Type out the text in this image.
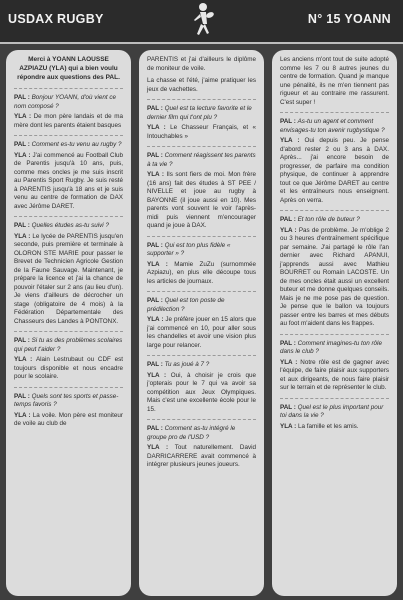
USDAX RUGBY	N° 15 YOANN

Merci à YOANN LAOUSSE AZPIAZU (YLA) qui a bien voulu répondre aux questions des PAL.

PAL : Bonjour YOANN, d'où vient ce nom composé ?

YLA : De mon père landais et de ma mère dont les parents étaient basques

PAL : Comment es-tu venu au rugby ?

YLA : J'ai commencé au Football Club de Parentis jusqu'à 10 ans, puis, comme mes oncles je me suis inscrit au Parentis Sport Rugby. Je suis resté à PARENTIS jusqu'à 18 ans et je suis venu au centre de formation de DAX avec Jérôme DARET.

PAL : Quelles études as-tu suivi ?

YLA : Le lycée de PARENTIS jusqu'en seconde, puis première et terminale à OLORON STE MARIE pour passer le Brevet de Technicien Agricole Gestion de la Faune Sauvage. Maintenant, je prépare la licence et j'ai la chance de pouvoir l'étaler sur 2 ans (au lieu d'un). Je viens d'ailleurs de décrocher un stage (obligatoire de 4 mois) à la Fédération Départementale des Chasseurs des Landes à PONTONX.

PAL : Si tu as des problèmes scolaires qui peut t'aider ?

YLA : Alain Lestrubaut ou CDF est toujours disponible et nous encadre pour le scolaire.

PAL : Quels sont tes sports et passe-temps favoris ?

YLA : La voile. Mon père est moniteur de voile au club de

PARENTIS et j'ai d'ailleurs le diplôme de moniteur de voile.

La chasse et l'été, j'aime pratiquer les jeux de vachettes.

PAL : Quel est ta lecture favorite et le dernier film qui t'ont plu ?

YLA : Le Chasseur Français, et « Intouchables »

PAL : Comment réagissent tes parents à ta vie ?

YLA : Ils sont fiers de moi. Mon frère (16 ans) fait des études à ST PEE / NIVELLE et joue au rugby à BAYONNE (il joue aussi en 10). Mes parents vont souvent le voir l'après-midi puis viennent m'encourager quand je joue à DAX.

PAL : Qui est ton plus fidèle « supporter » ?

YLA : Mamie ZuZu (surnommée Azpiazu), en plus elle découpe tous les articles de journaux.

PAL : Quel est ton poste de prédilection ?

YLA : Je préfère jouer en 15 alors que j'ai commencé en 10, pour aller sous les chandelles et avoir une vision plus large pour relancer.

PAL : Tu as joué à 7 ?

YLA : Oui, à choisir je crois que j'opterais pour le 7 qui va avoir sa compétition aux Jeux Olympiques. Mais c'est une excellente école pour le 15.

PAL : Comment as-tu intégré le groupe pro de l'USD ?

YLA : Tout naturellement. David DARRICARRERE avait commencé à intégrer plusieurs jeunes joueurs.

Les anciens m'ont tout de suite adopté comme les 7 ou 8 autres jeunes du centre de formation. Quand je manque une pénalité, ils ne m'en tiennent pas rigueur et au contraire me rassurent. C'est super !

PAL : As-tu un agent et comment envisages-tu ton avenir rugbystique ?

YLA : Oui depuis peu. Je pense d'abord rester 2 ou 3 ans à DAX. Après... j'ai encore besoin de progresser, de parfaire ma condition physique, de continuer à apprendre tout ce que Jérôme DARET au centre et les entraîneurs nous enseignent. Après on verra.

PAL : Et ton rôle de buteur ?

YLA : Pas de problème. Je m'oblige 2 ou 3 heures d'entraînement spécifique par semaine. J'ai partagé le rôle l'an dernier avec Richard APANUI, j'apprends aussi avec Mathieu BOURRET ou Romain LACOSTE. Un de mes oncles était aussi un excellent buteur et me donne quelques conseils. Mais je ne me pose pas de question. Je pense que le ballon va toujours passer entre les barres et mes débuts au foot m'aident dans les frappes.

PAL : Comment imagines-tu ton rôle dans le club ?

YLA : Notre rôle est de gagner avec l'équipe, de faire plaisir aux supporters et aux dirigeants, de nous faire plaisir sur le terrain et de représenter le club.

PAL : Quel est le plus important pour toi dans la vie ?

YLA : La famille et les amis.
